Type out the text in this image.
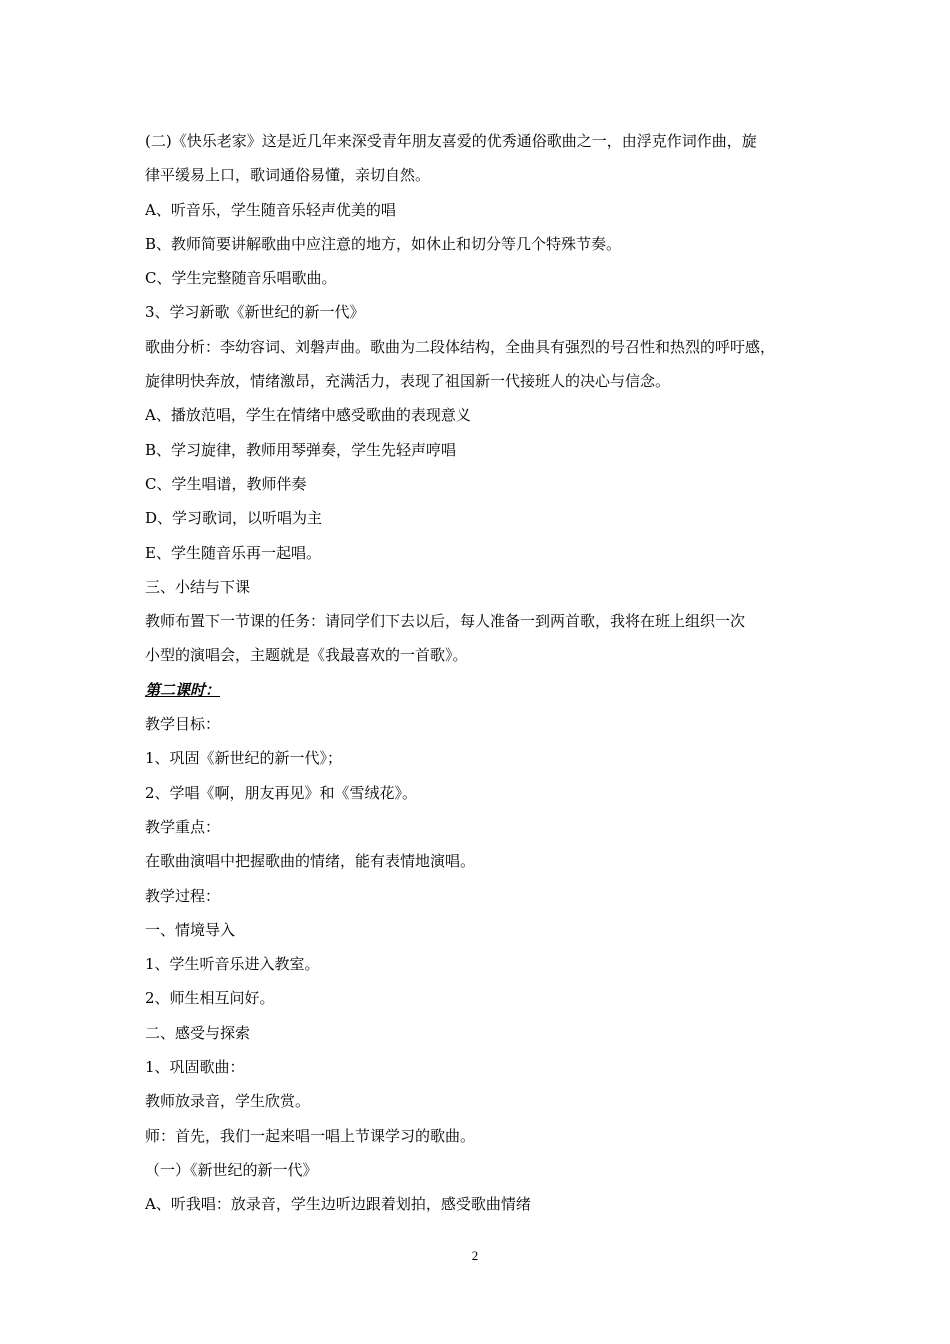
(二)《快乐老家》这是近几年来深受青年朋友喜爱的优秀通俗歌曲之一，由浮克作词作曲，旋
律平缓易上口，歌词通俗易懂，亲切自然。
A、听音乐，学生随音乐轻声优美的唱
B、教师简要讲解歌曲中应注意的地方，如休止和切分等几个特殊节奏。
C、学生完整随音乐唱歌曲。
3、学习新歌《新世纪的新一代》
歌曲分析：李幼容词、刘磐声曲。歌曲为二段体结构，全曲具有强烈的号召性和热烈的呼吁感，
旋律明快奔放，情绪激昂，充满活力，表现了祖国新一代接班人的决心与信念。
A、播放范唱，学生在情绪中感受歌曲的表现意义
B、学习旋律，教师用琴弹奏，学生先轻声哼唱
C、学生唱谱，教师伴奏
D、学习歌词，以听唱为主
E、学生随音乐再一起唱。
三、小结与下课
教师布置下一节课的任务：请同学们下去以后，每人准备一到两首歌，我将在班上组织一次
小型的演唱会，主题就是《我最喜欢的一首歌》。
第二课时：
教学目标：
1、巩固《新世纪的新一代》；
2、学唱《啊，朋友再见》和《雪绒花》。
教学重点：
在歌曲演唱中把握歌曲的情绪，能有表情地演唱。
教学过程：
一、情境导入
1、学生听音乐进入教室。
2、师生相互问好。
二、感受与探索
1、巩固歌曲：
教师放录音，学生欣赏。
师：首先，我们一起来唱一唱上节课学习的歌曲。
（一）《新世纪的新一代》
A、听我唱：放录音，学生边听边跟着划拍，感受歌曲情绪
2
